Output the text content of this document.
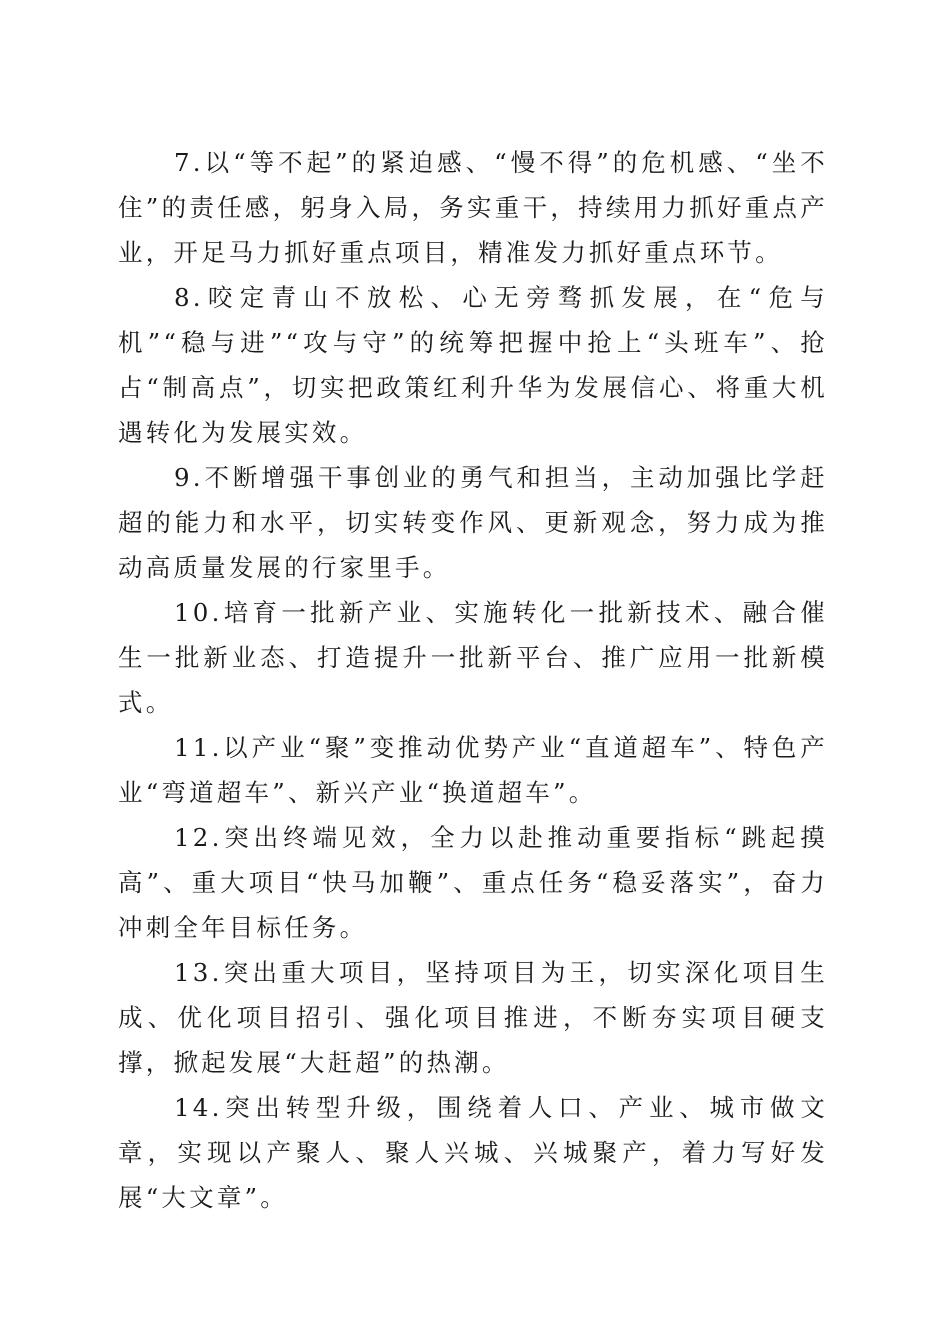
7.以“等不起”的紧迫感、“慢不得”的危机感、“坐不住”的责任感，躬身入局，务实重干，持续用力抓好重点产业，开足马力抓好重点项目，精准发力抓好重点环节。

8.咬定青山不放松、心无旁骛抓发展，在“危与机”“稳与进”“攻与守”的统筹把握中抢上“头班车”、抢占“制高点”，切实把政策红利升华为发展信心、将重大机遇转化为发展实效。

9.不断增强干事创业的勇气和担当，主动加强比学赶超的能力和水平，切实转变作风、更新观念，努力成为推动高质量发展的行家里手。

10.培育一批新产业、实施转化一批新技术、融合催生一批新业态、打造提升一批新平台、推广应用一批新模式。

11.以产业“聚”变推动优势产业“直道超车”、特色产业“弯道超车”、新兴产业“换道超车”。

12.突出终端见效，全力以赴推动重要指标“跳起摸高”、重大项目“快马加鞭”、重点任务“稳妥落实”，奋力冲刺全年目标任务。

13.突出重大项目，坚持项目为王，切实深化项目生成、优化项目招引、强化项目推进，不断夯实项目硬支撑，掀起发展“大赶超”的热潮。

14.突出转型升级，围绕着人口、产业、城市做文章，实现以产聚人、聚人兴城、兴城聚产，着力写好发展“大文章”。
